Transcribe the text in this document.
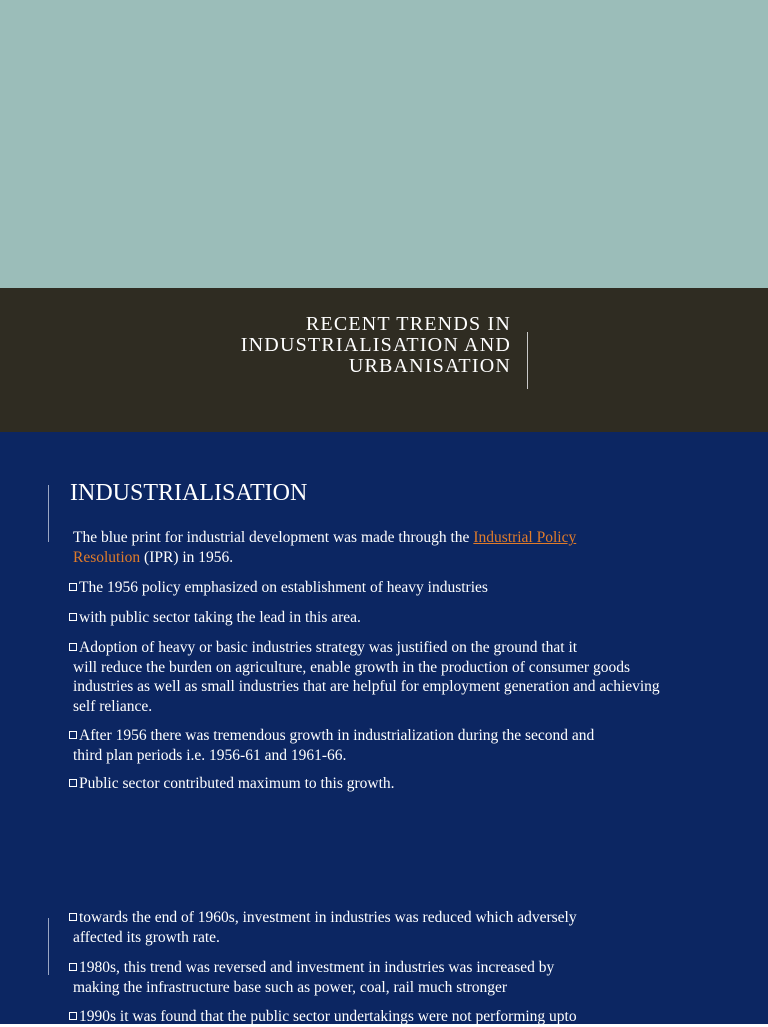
RECENT TRENDS IN
INDUSTRIALISATION AND
URBANISATION
INDUSTRIALISATION
The blue print for industrial development was made through the Industrial Policy
Resolution (IPR) in 1956.
The 1956 policy emphasized on establishment of heavy industries
with public sector taking the lead in this area.
Adoption of heavy or basic industries strategy was justified on the ground that it
will reduce the burden on agriculture, enable growth in the production of consumer goods industries as well as small industries that are helpful for employment generation and achieving self reliance.
After 1956 there was tremendous growth in industrialization during the second and
third plan periods i.e. 1956-61 and 1961-66.
Public sector contributed maximum to this growth.
towards the end of 1960s, investment in industries was reduced which adversely
affected its growth rate.
1980s, this trend was reversed and investment in industries was increased by
making the infrastructure base such as power, coal, rail much stronger
1990s it was found that the public sector undertakings were not performing upto
